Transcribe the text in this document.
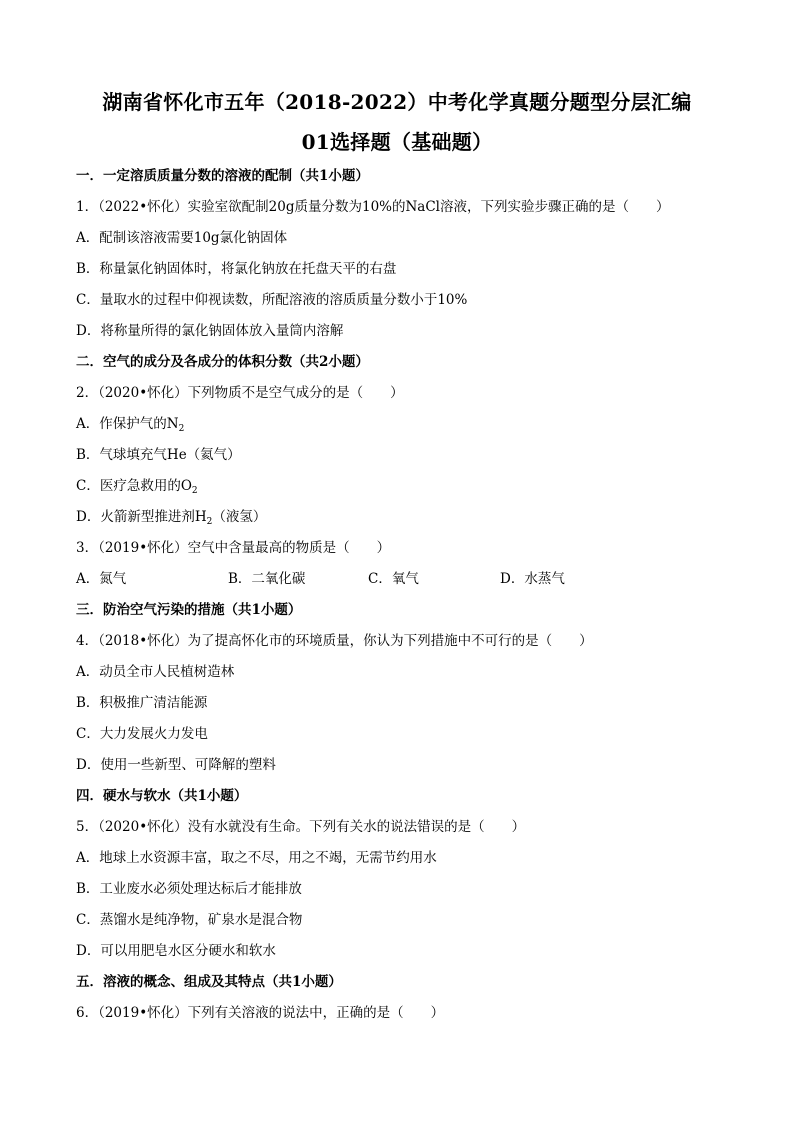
湖南省怀化市五年（2018-2022）中考化学真题分题型分层汇编
01选择题（基础题）
一．一定溶质质量分数的溶液的配制（共1小题）
1．（2022•怀化）实验室欲配制20g质量分数为10%的NaCl溶液，下列实验步骤正确的是（　　）
A．配制该溶液需要10g氯化钠固体
B．称量氯化钠固体时，将氯化钠放在托盘天平的右盘
C．量取水的过程中仰视读数，所配溶液的溶质质量分数小于10%
D．将称量所得的氯化钠固体放入量筒内溶解
二．空气的成分及各成分的体积分数（共2小题）
2．（2020•怀化）下列物质不是空气成分的是（　　）
A．作保护气的$N_2$
B．气球填充气He（氦气）
C．医疗急救用的$O_2$
D．火箭新型推进剂$H_2$（液氢）
3．（2019•怀化）空气中含量最高的物质是（　　）
A．氮气	B．二氧化碳	C．氧气	D．水蒸气
三．防治空气污染的措施（共1小题）
4．（2018•怀化）为了提高怀化市的环境质量，你认为下列措施中不可行的是（　　）
A．动员全市人民植树造林
B．积极推广清洁能源
C．大力发展火力发电
D．使用一些新型、可降解的塑料
四．硬水与软水（共1小题）
5．（2020•怀化）没有水就没有生命。下列有关水的说法错误的是（　　）
A．地球上水资源丰富，取之不尽，用之不竭，无需节约用水
B．工业废水必须处理达标后才能排放
C．蒸馏水是纯净物，矿泉水是混合物
D．可以用肥皂水区分硬水和软水
五．溶液的概念、组成及其特点（共1小题）
6．（2019•怀化）下列有关溶液的说法中，正确的是（　　）
